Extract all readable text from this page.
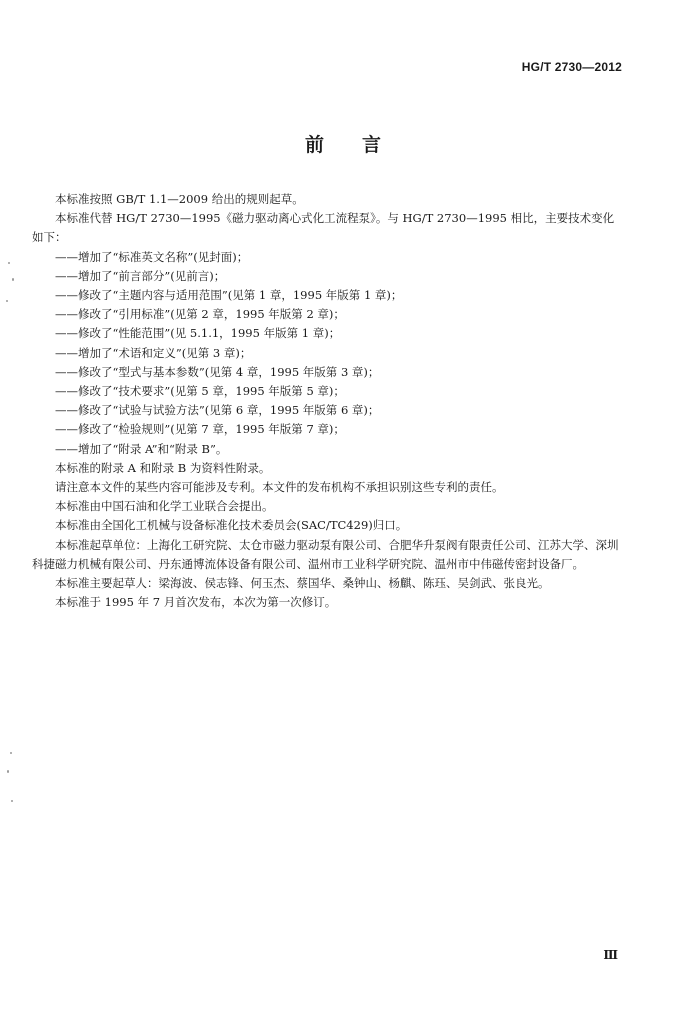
HG/T 2730—2012
前言

本标准按照 GB/T 1.1—2009 给出的规则起草。

本标准代替 HG/T 2730—1995《磁力驱动离心式化工流程泵》。与 HG/T 2730—1995 相比，主要技术变化如下：

——增加了“标准英文名称”(见封面)；

——增加了“前言部分”(见前言)；

——修改了“主题内容与适用范围”(见第 1 章，1995 年版第 1 章)；

——修改了“引用标准”(见第 2 章，1995 年版第 2 章)；

——修改了“性能范围”(见 5.1.1，1995 年版第 1 章)；

——增加了“术语和定义”(见第 3 章)；

——修改了“型式与基本参数”(见第 4 章，1995 年版第 3 章)；

——修改了“技术要求”(见第 5 章，1995 年版第 5 章)；

——修改了“试验与试验方法”(见第 6 章，1995 年版第 6 章)；

——修改了“检验规则”(见第 7 章，1995 年版第 7 章)；

——增加了“附录 A”和“附录 B”。

本标准的附录 A 和附录 B 为资料性附录。

请注意本文件的某些内容可能涉及专利。本文件的发布机构不承担识别这些专利的责任。

本标准由中国石油和化学工业联合会提出。

本标准由全国化工机械与设备标准化技术委员会(SAC/TC429)归口。

本标准起草单位：上海化工研究院、太仓市磁力驱动泵有限公司、合肥华升泵阀有限责任公司、江苏大学、深圳科捷磁力机械有限公司、丹东通博流体设备有限公司、温州市工业科学研究院、温州市中伟磁传密封设备厂。

本标准主要起草人：梁海波、侯志锋、何玉杰、蔡国华、桑钟山、杨麒、陈珏、吴剑武、张良光。

本标准于 1995 年 7 月首次发布，本次为第一次修订。

Ⅲ
